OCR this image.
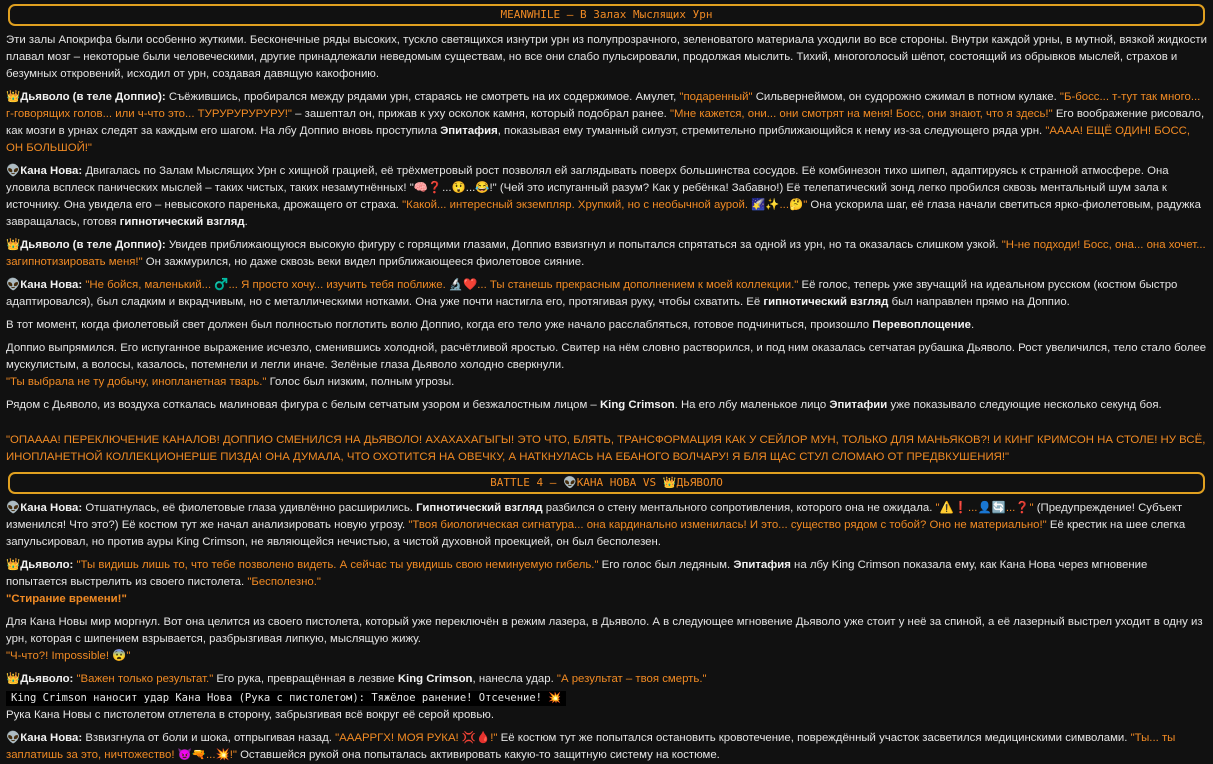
MEANWHILE – В Залах Мыслящих Урн

Эти залы Апокрифа были особенно жуткими. Бесконечные ряды высоких, тускло светящихся изнутри урн из полупрозрачного, зеленоватого материала уходили во все стороны. Внутри каждой урны, в мутной, вязкой жидкости плавал мозг – некоторые были человеческими, другие принадлежали неведомым существам, но все они слабо пульсировали, продолжая мыслить. Тихий, многоголосый шёпот, состоящий из обрывков мыслей, страхов и безумных откровений, исходил от урн, создавая давящую какофонию.

👑Дьяволо (в теле Доппио): Съёжившись, пробирался между рядами урн, стараясь не смотреть на их содержимое. Амулет, "подаренный" Сильвернеймом, он судорожно сжимал в потном кулаке. "Б-босс... т-тут так много... г-говорящих голов... или ч-что это... ТУРУРУРУРУРУ!" – зашептал он, прижав к уху осколок камня, который подобрал ранее. "Мне кажется, они... они смотрят на меня! Босс, они знают, что я здесь!" Его воображение рисовало, как мозги в урнах следят за каждым его шагом. На лбу Доппио вновь проступила Эпитафия, показывая ему туманный силуэт, стремительно приближающийся к нему из-за следующего ряда урн. "АААА! ЕЩЁ ОДИН! БОСС, ОН БОЛЬШОЙ!"

👽Кана Нова: Двигалась по Залам Мыслящих Урн с хищной грацией, её трёхметровый рост позволял ей заглядывать поверх большинства сосудов. Её комбинезон тихо шипел, адаптируясь к странной атмосфере. Она уловила всплеск панических мыслей – таких чистых, таких незамутнённых! "🧠❓...😲...😂!" (Чей это испуганный разум? Как у ребёнка! Забавно!) Её телепатический зонд легко пробился сквозь ментальный шум зала к источнику. Она увидела его – невысокого паренька, дрожащего от страха. "Какой... интересный экземпляр. Хрупкий, но с необычной аурой. 🌠✨...🤔" Она ускорила шаг, её глаза начали светиться ярко-фиолетовым, радужка завращалась, готовя гипнотический взгляд.

👑Дьяволо (в теле Доппио): Увидев приближающуюся высокую фигуру с горящими глазами, Доппио взвизгнул и попытался спрятаться за одной из урн, но та оказалась слишком узкой. "Н-не подходи! Босс, она... она хочет... загипнотизировать меня!" Он зажмурился, но даже сквозь веки видел приближающееся фиолетовое сияние.

👽Кана Нова: "Не бойся, маленький... ♂️... Я просто хочу... изучить тебя поближе. 🔬❤️... Ты станешь прекрасным дополнением к моей коллекции." Её голос, теперь уже звучащий на идеальном русском (костюм быстро адаптировался), был сладким и вкрадчивым, но с металлическими нотками. Она уже почти настигла его, протягивая руку, чтобы схватить. Её гипнотический взгляд был направлен прямо на Доппио.

В тот момент, когда фиолетовый свет должен был полностью поглотить волю Доппио, когда его тело уже начало расслабляться, готовое подчиниться, произошло Перевоплощение.

Доппио выпрямился. Его испуганное выражение исчезло, сменившись холодной, расчётливой яростью. Свитер на нём словно растворился, и под ним оказалась сетчатая рубашка Дьяволо. Рост увеличился, тело стало более мускулистым, а волосы, казалось, потемнели и легли иначе. Зелёные глаза Дьяволо холодно сверкнули.
"Ты выбрала не ту добычу, инопланетная тварь." Голос был низким, полным угрозы.

Рядом с Дьяволо, из воздуха соткалась малиновая фигура с белым сетчатым узором и безжалостным лицом – King Crimson. На его лбу маленькое лицо Эпитафии уже показывало следующие несколько секунд боя.

"ОПАААА! ПЕРЕКЛЮЧЕНИЕ КАНАЛОВ! ДОППИО СМЕНИЛСЯ НА ДЬЯВОЛО! АХАХАХАГЫГЫ! ЭТО ЧТО, БЛЯТЬ, ТРАНСФОРМАЦИЯ КАК У СЕЙЛОР МУН, ТОЛЬКО ДЛЯ МАНЬЯКОВ?! И КИНГ КРИМСОН НА СТОЛЕ! НУ ВСЁ, ИНОПЛАНЕТНОЙ КОЛЛЕКЦИОНЕРШЕ ПИЗДА! ОНА ДУМАЛА, ЧТО ОХОТИТСЯ НА ОВЕЧКУ, А НАТКНУЛАСЬ НА ЕБАНОГО ВОЛЧАРУ! Я БЛЯ ЩАС СТУЛ СЛОМАЮ ОТ ПРЕДВКУШЕНИЯ!"

BATTLE 4 – 👽КАНА НОВА VS 👑ДЬЯВОЛО

👽Кана Нова: Отшатнулась, её фиолетовые глаза удивлённо расширились. Гипнотический взгляд разбился о стену ментального сопротивления, которого она не ожидала. "⚠️❗...👤🔄...❓" (Предупреждение! Субъект изменился! Что это?) Её костюм тут же начал анализировать новую угрозу. "Твоя биологическая сигнатура... она кардинально изменилась! И это... существо рядом с тобой? Оно не материально!" Её крестик на шее слегка запульсировал, но против ауры King Crimson, не являющейся нечистью, а чистой духовной проекцией, он был бесполезен.

👑Дьяволо: "Ты видишь лишь то, что тебе позволено видеть. А сейчас ты увидишь свою неминуемую гибель." Его голос был ледяным. Эпитафия на лбу King Crimson показала ему, как Кана Нова через мгновение попытается выстрелить из своего пистолета. "Бесполезно."
"Стирание времени!"

Для Кана Новы мир моргнул. Вот она целится из своего пистолета, который уже переключён в режим лазера, в Дьяволо. А в следующее мгновение Дьяволо уже стоит у неё за спиной, а её лазерный выстрел уходит в одну из урн, которая с шипением взрывается, разбрызгивая липкую, мыслящую жижу.
"Ч-что?! Impossible! 😨"

👑Дьяволо: "Важен только результат." Его рука, превращённая в лезвие King Crimson, нанесла удар. "А результат – твоя смерть."

King Crimson наносит удар Кана Нова (Рука с пистолетом): Тяжёлое ранение! Отсечение! 💥

Рука Кана Новы с пистолетом отлетела в сторону, забрызгивая всё вокруг её серой кровью.

👽Кана Нова: Взвизгнула от боли и шока, отпрыгивая назад. "АААРРГХ! МОЯ РУКА! 💢🩸!" Её костюм тут же попытался остановить кровотечение, повреждённый участок засветился медицинскими символами. "Ты... ты заплатишь за это, ничтожество! 😈🔫...💥!" Оставшейся рукой она попыталась активировать какую-то защитную систему на костюме.
